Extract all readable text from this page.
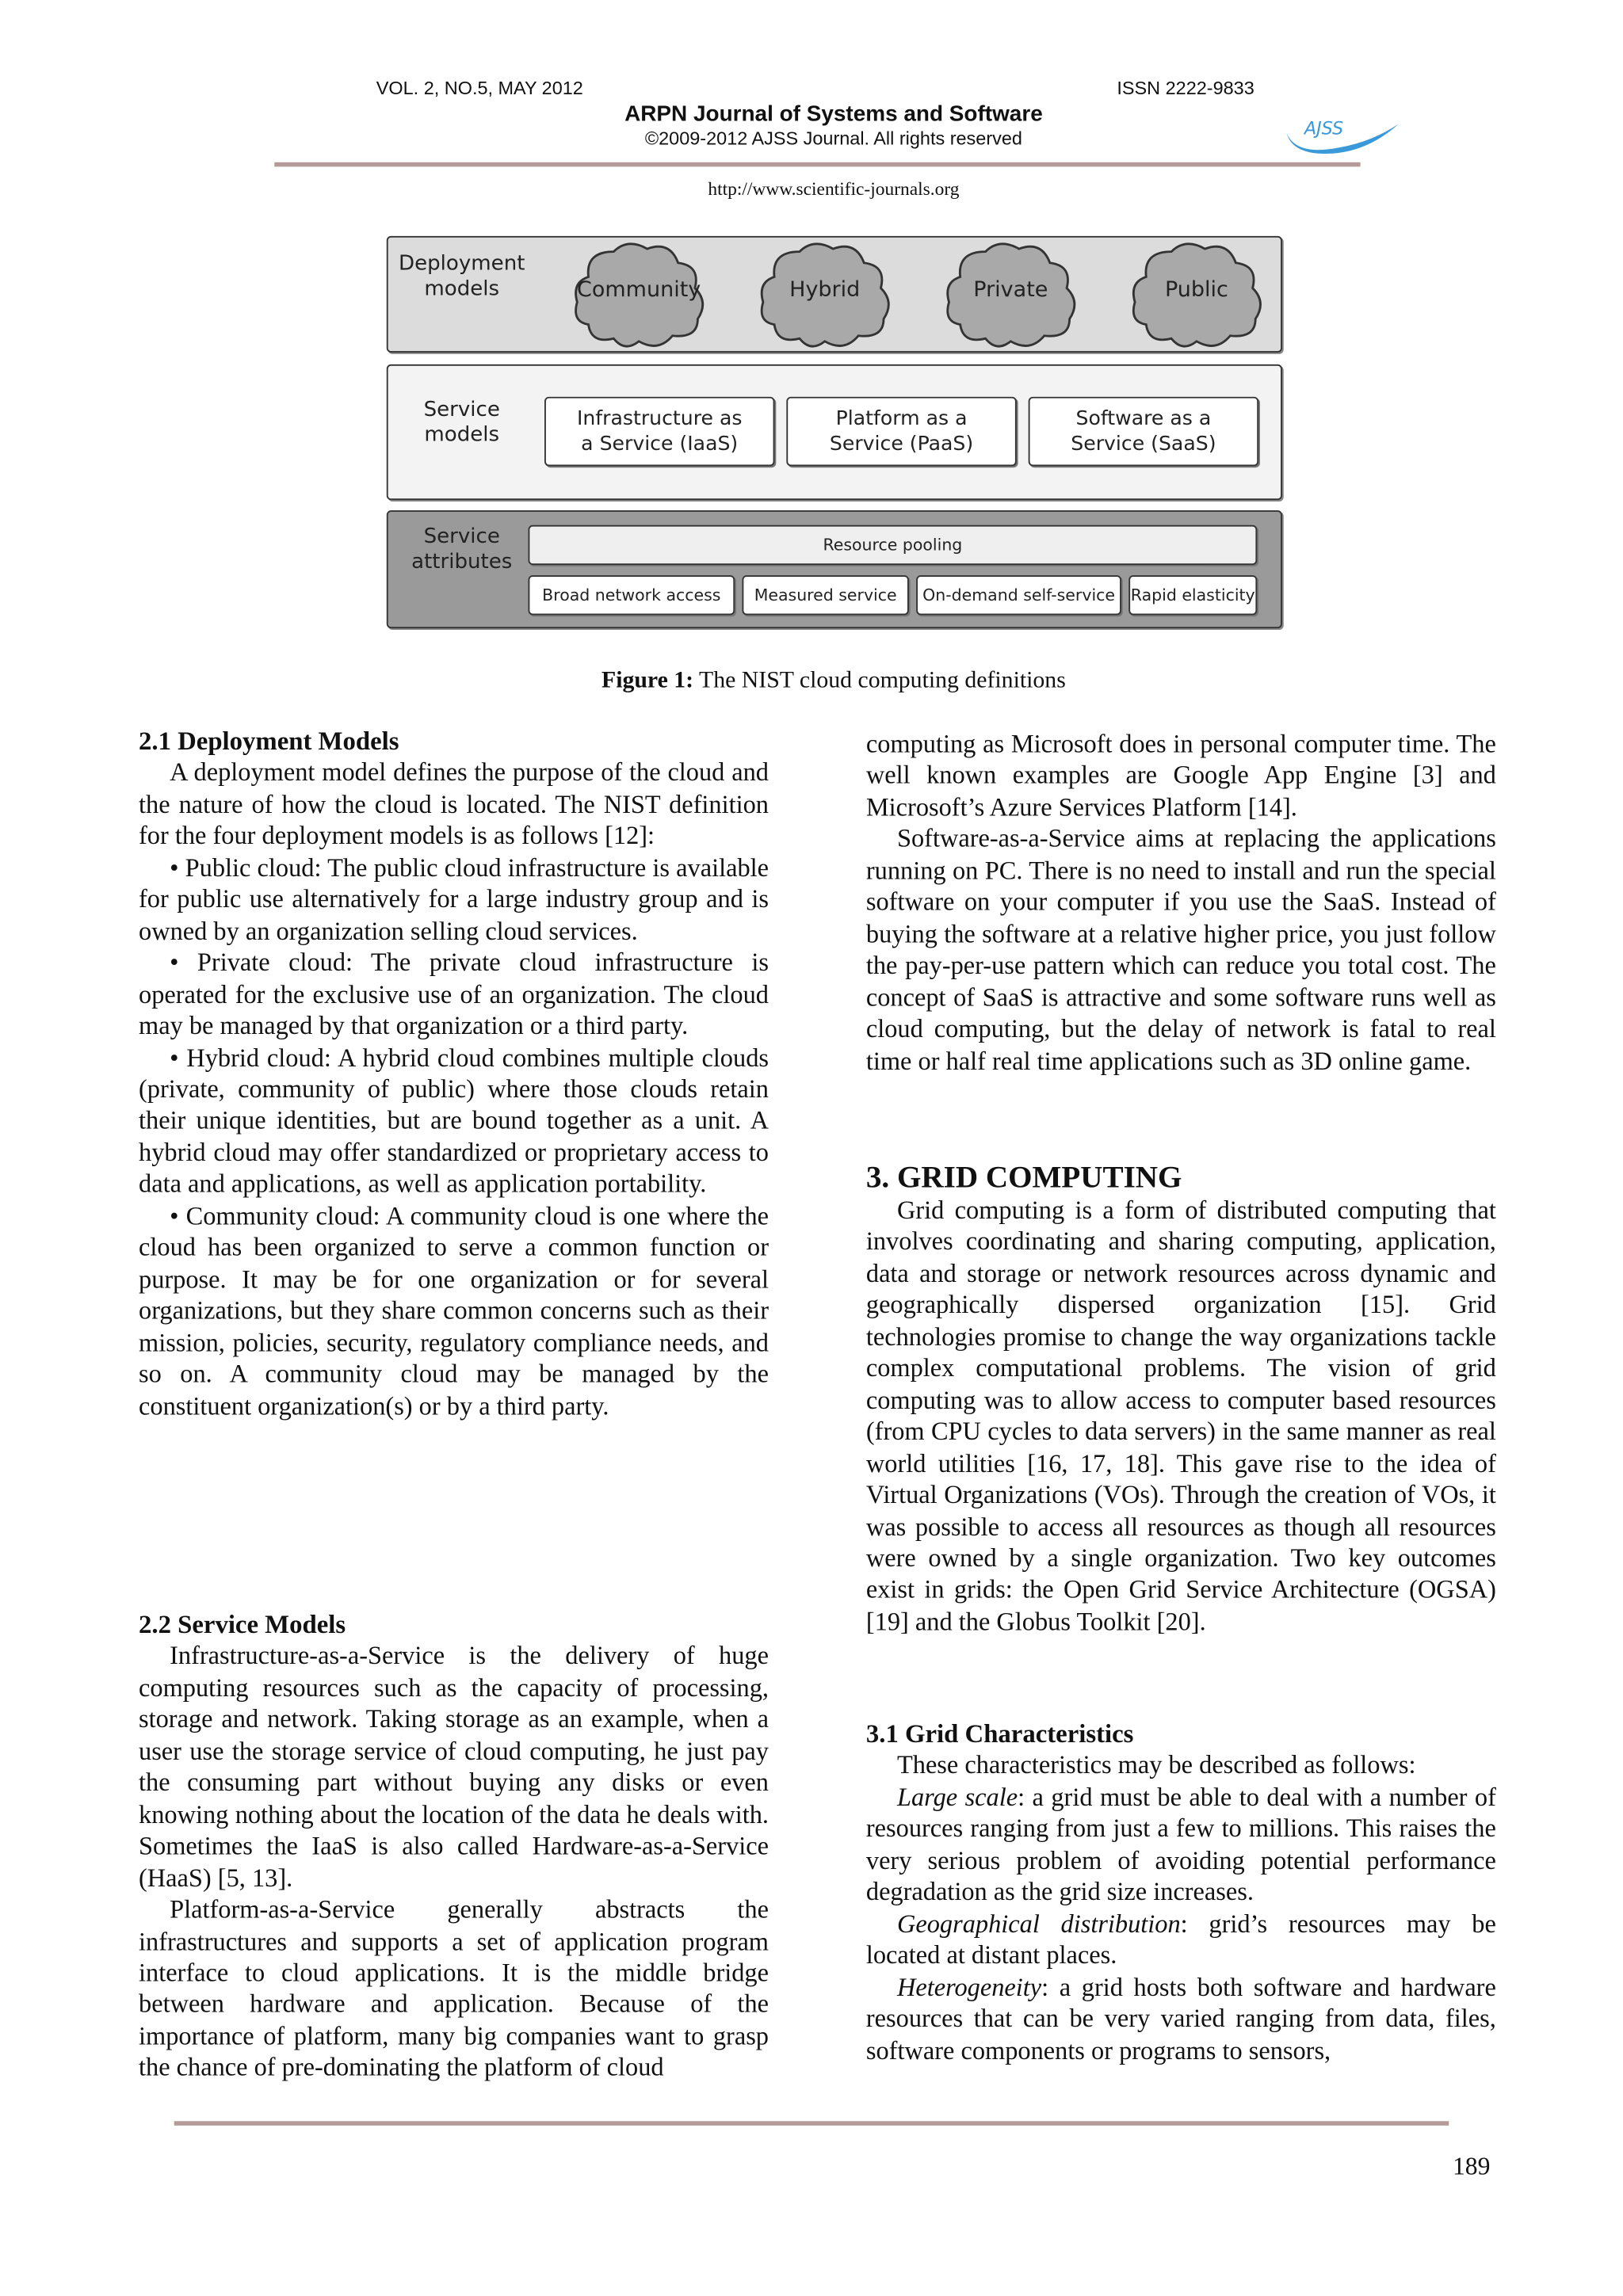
VOL. 2, NO.5, MAY 2012	ISSN 2222-9833
ARPN Journal of Systems and Software
©2009-2012 AJSS Journal. All rights reserved	AJSS
http://www.scientific-journals.org
Deployment
models
Service
models
Service
attributes
Community	Hybrid	Private	Public
Infrastructure as
a Service (IaaS)
Platform as a
Service (PaaS)
Software as a
Service (SaaS)
Resource pooling
Broad network access	Measured service	On-demand self-service	Rapid elasticity
Figure 1: The NIST cloud computing definitions

2.1 Deployment Models

A deployment model defines the purpose of the cloud and the nature of how the cloud is located. The NIST definition for the four deployment models is as follows [12]:

• Public cloud: The public cloud infrastructure is available for public use alternatively for a large industry group and is owned by an organization selling cloud services.

• Private cloud: The private cloud infrastructure is operated for the exclusive use of an organization. The cloud may be managed by that organization or a third party.

• Hybrid cloud: A hybrid cloud combines multiple clouds (private, community of public) where those clouds retain their unique identities, but are bound together as a unit. A hybrid cloud may offer standardized or proprietary access to data and applications, as well as application portability.

• Community cloud: A community cloud is one where the cloud has been organized to serve a common function or purpose. It may be for one organization or for several organizations, but they share common concerns such as their mission, policies, security, regulatory compliance needs, and so on. A community cloud may be managed by the constituent organization(s) or by a third party.

2.2 Service Models

Infrastructure-as-a-Service is the delivery of huge computing resources such as the capacity of processing, storage and network. Taking storage as an example, when a user use the storage service of cloud computing, he just pay the consuming part without buying any disks or even knowing nothing about the location of the data he deals with. Sometimes the IaaS is also called Hardware-as-a-Service (HaaS) [5, 13].

Platform-as-a-Service generally abstracts the infrastructures and supports a set of application program interface to cloud applications. It is the middle bridge between hardware and application. Because of the importance of platform, many big companies want to grasp the chance of pre-dominating the platform of cloud

computing as Microsoft does in personal computer time. The well known examples are Google App Engine [3] and Microsoft’s Azure Services Platform [14].

Software-as-a-Service aims at replacing the applications running on PC. There is no need to install and run the special software on your computer if you use the SaaS. Instead of buying the software at a relative higher price, you just follow the pay-per-use pattern which can reduce you total cost. The concept of SaaS is attractive and some software runs well as cloud computing, but the delay of network is fatal to real time or half real time applications such as 3D online game.

3. GRID COMPUTING

Grid computing is a form of distributed computing that involves coordinating and sharing computing, application, data and storage or network resources across dynamic and geographically dispersed organization [15]. Grid technologies promise to change the way organizations tackle complex computational problems. The vision of grid computing was to allow access to computer based resources (from CPU cycles to data servers) in the same manner as real world utilities [16, 17, 18]. This gave rise to the idea of Virtual Organizations (VOs). Through the creation of VOs, it was possible to access all resources as though all resources were owned by a single organization. Two key outcomes exist in grids: the Open Grid Service Architecture (OGSA) [19] and the Globus Toolkit [20].

3.1 Grid Characteristics

These characteristics may be described as follows:

Large scale: a grid must be able to deal with a number of resources ranging from just a few to millions. This raises the very serious problem of avoiding potential performance degradation as the grid size increases.

Geographical distribution: grid’s resources may be located at distant places.

Heterogeneity: a grid hosts both software and hardware resources that can be very varied ranging from data, files, software components or programs to sensors,

189
